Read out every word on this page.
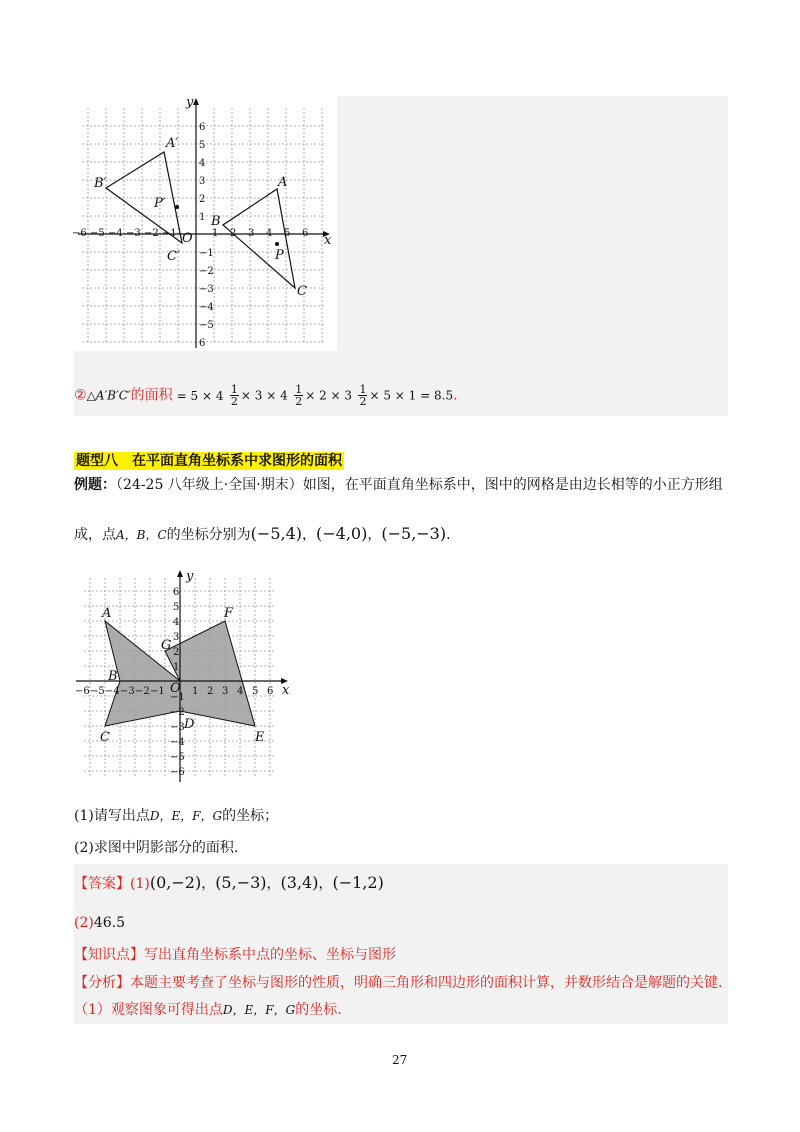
x
y
O
−6 −5 −4 −3 −2 −1	1 2 3 4 5 6
6
5
4
3
2
1
−1
−2
−3
−4
−5
6
A
B
C
P
A′
B′
C′
P′
②△A′B′C′的面积 = $5 \times 4 \frac{1}{2} \times 3 \times 4 \frac{1}{2} \times 2 \times 3 \frac{1}{2} \times 5 \times 1 = 8.5$.
题型八　在平面直角坐标系中求图形的面积
例题：（24-25 八年级上·全国·期末）如图，在平面直角坐标系中，图中的网格是由边长相等的小正方形组
成，点A，B，C的坐标分别为(−5,4)，(−4,0)，(−5,−3).
x
y
O
−6 −5 −4 −3 −2 −1	1 2 3 4 5 6
6
5
4
3
2
1
−1
−2
−3
−4
−5
−6
A
B
C
D
E
F
G
(1)请写出点D，E，F，G的坐标；
(2)求图中阴影部分的面积.
【答案】(1)(0,−2)，(5,−3)，(3,4)，(−1,2)
(2)46.5
【知识点】写出直角坐标系中点的坐标、坐标与图形
【分析】本题主要考查了坐标与图形的性质，明确三角形和四边形的面积计算，并数形结合是解题的关键.
（1）观察图象可得出点D，E，F，G的坐标.
27
